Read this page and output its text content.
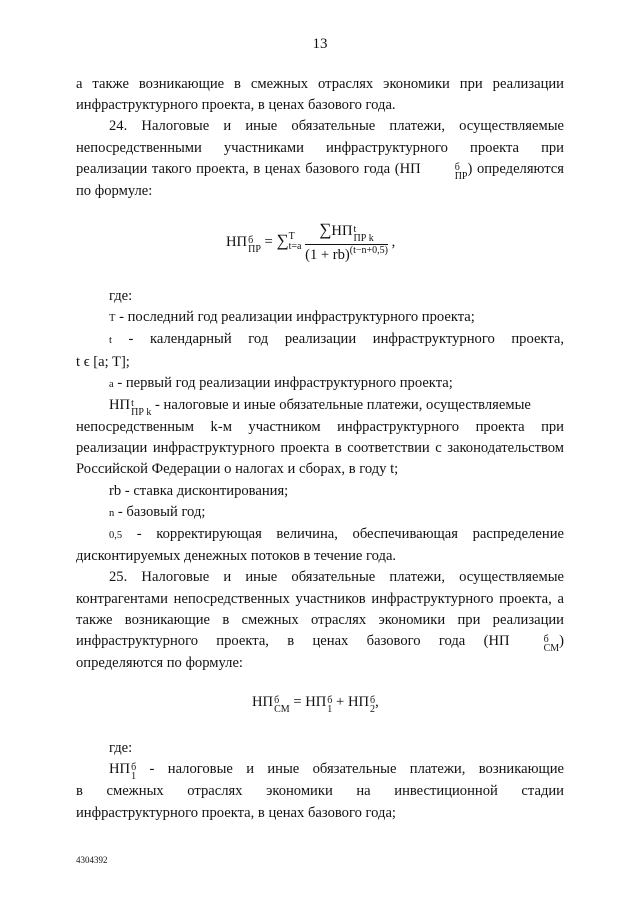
13

а также возникающие в смежных отраслях экономики при реализации инфраструктурного проекта, в ценах базового года.

24. Налоговые и иные обязательные платежи, осуществляемые непосредственными участниками инфраструктурного проекта при реализации такого проекта, в ценах базового года (НП	б
ПР ) определяются по формуле:

НП б
ПР = ∑ T
t=a
∑НП t
ПР k
(1 + rb)$^{(t-n+0,5)}$ ,

где:

T - последний год реализации инфраструктурного проекта;

t - календарный год реализации инфраструктурного проекта,

t ϵ [a; T];

a - первый год реализации инфраструктурного проекта;

НП t
ПР k - налоговые и иные обязательные платежи, осуществляемые

непосредственным k-м участником инфраструктурного проекта при реализации инфраструктурного проекта в соответствии с законодательством Российской Федерации о налогах и сборах, в году t;

rb - ставка дисконтирования;

n - базовый год;

0,5 - корректирующая величина, обеспечивающая распределение дисконтируемых денежных потоков в течение года.

25. Налоговые и иные обязательные платежи, осуществляемые контрагентами непосредственных участников инфраструктурного проекта, а также возникающие в смежных отраслях экономики при реализации инфраструктурного проекта, в ценах базового года (НП	б
СМ ) определяются по формуле:

НП б
СМ = НП б
1 + НП б
2 ,

где:

НП б
1 - налоговые и иные обязательные платежи, возникающие

в смежных отраслях экономики на инвестиционной стадии

инфраструктурного проекта, в ценах базового года;

4304392
